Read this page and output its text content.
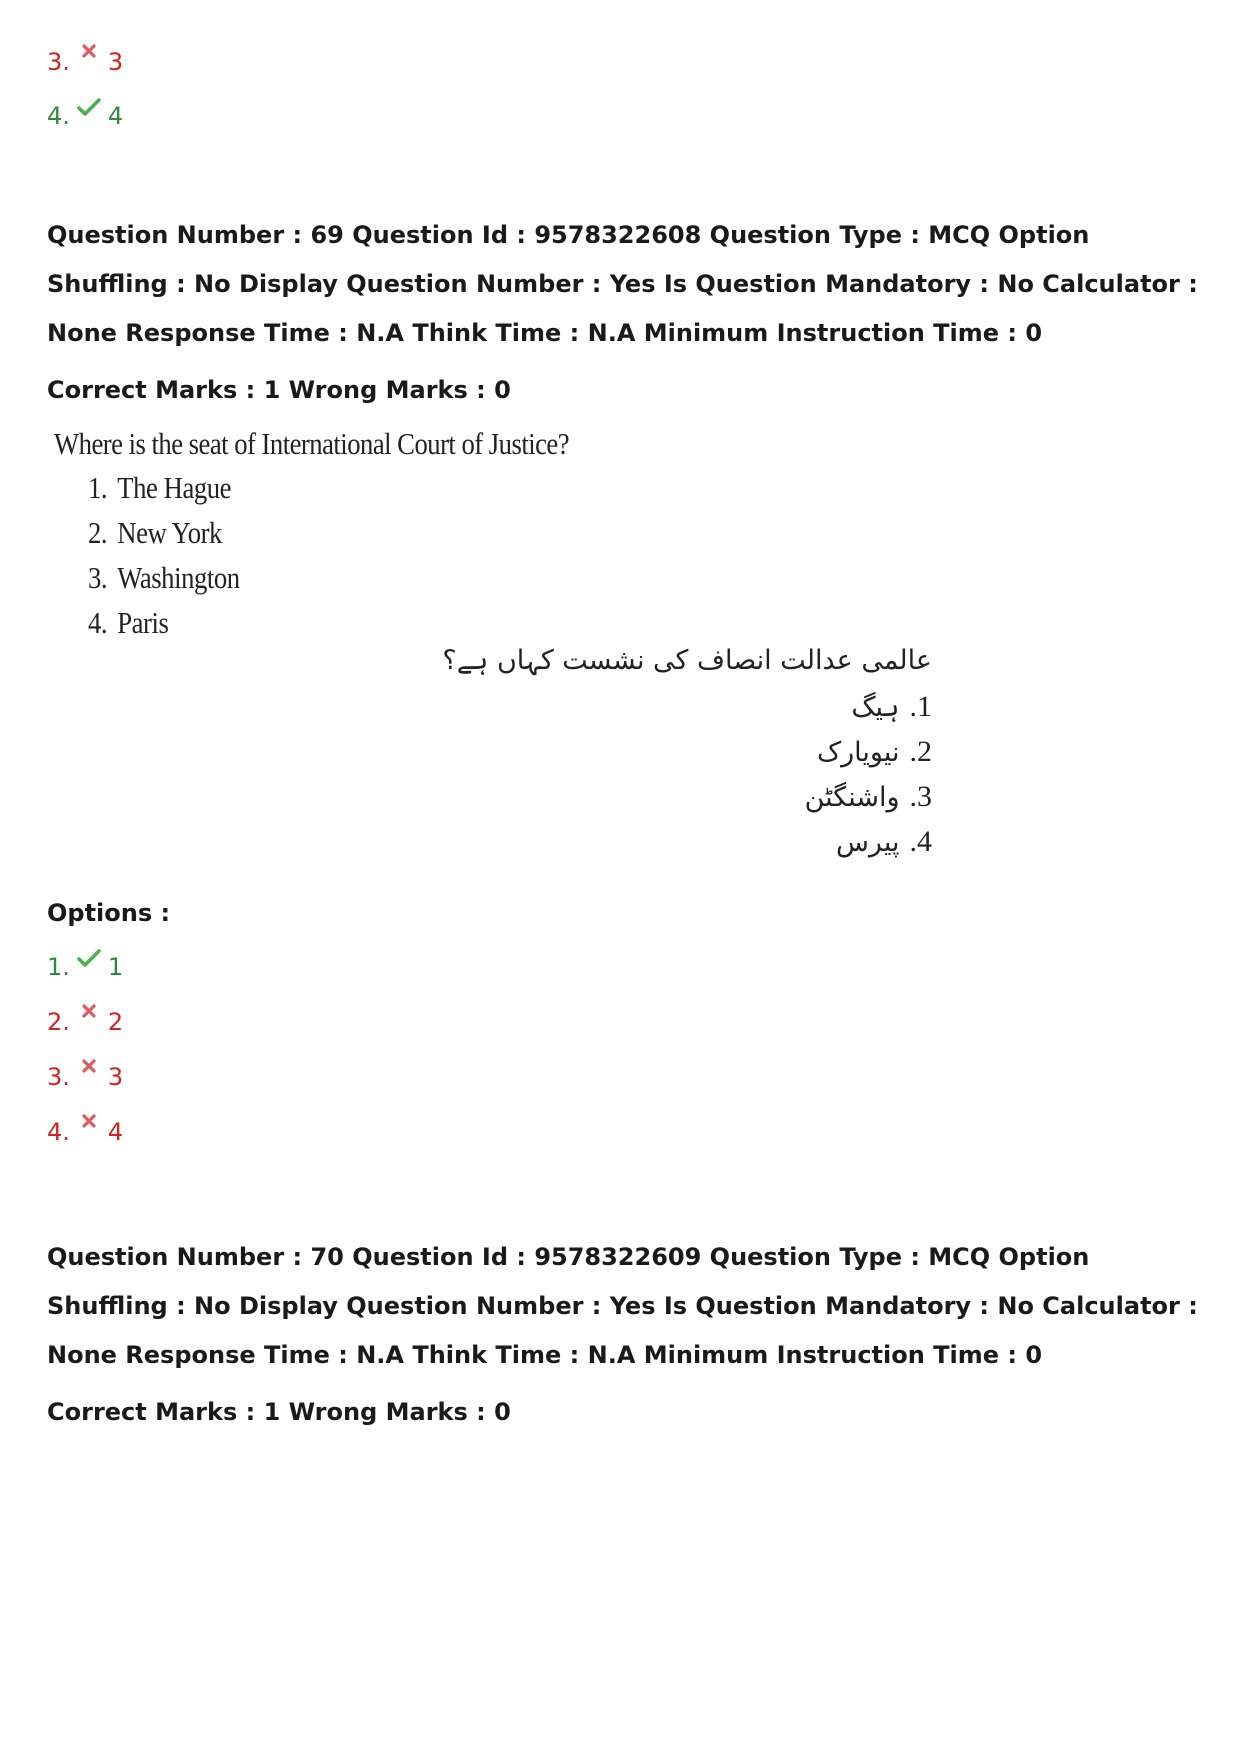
3. 3
4. 4
Question Number : 69 Question Id : 9578322608 Question Type : MCQ Option Shuffling : No Display Question Number : Yes Is Question Mandatory : No Calculator : None Response Time : N.A Think Time : N.A Minimum Instruction Time : 0
Correct Marks : 1 Wrong Marks : 0
Where is the seat of International Court of Justice?
1. The Hague
2. New York
3. Washington
4. Paris
عالمی عدالت انصاف کی نشست کہاں ہے؟
.1ہیگ
.2نیویارک
.3واشنگٹن
.4پیرس
Options :
1. 1
2. 2
3. 3
4. 4
Question Number : 70 Question Id : 9578322609 Question Type : MCQ Option Shuffling : No Display Question Number : Yes Is Question Mandatory : No Calculator : None Response Time : N.A Think Time : N.A Minimum Instruction Time : 0
Correct Marks : 1 Wrong Marks : 0
